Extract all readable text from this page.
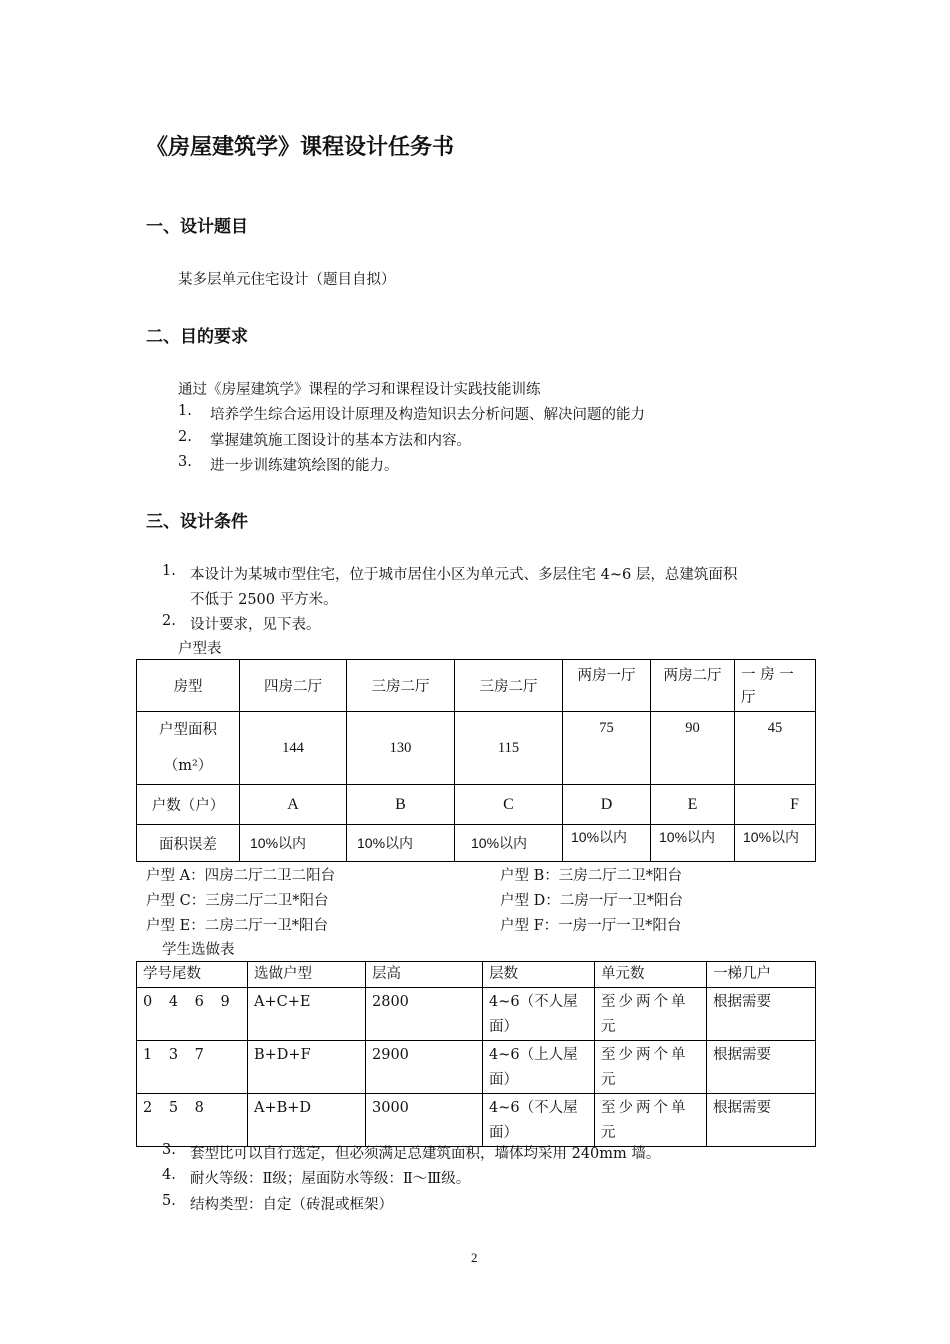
《房屋建筑学》课程设计任务书
一、设计题目
某多层单元住宅设计（题目自拟）
二、目的要求
通过《房屋建筑学》课程的学习和课程设计实践技能训练
1. 培养学生综合运用设计原理及构造知识去分析问题、解决问题的能力
2. 掌握建筑施工图设计的基本方法和内容。
3. 进一步训练建筑绘图的能力。
三、设计条件
1. 本设计为某城市型住宅，位于城市居住小区为单元式、多层住宅 4~6 层，总建筑面积
不低于 2500 平方米。
2. 设计要求，见下表。
户型表
房型	四房二厅	三房二厅	三房二厅	两房一厅	两房二厅	一 房 一
厅

户型面积
（m²）	144	130	115	75	90	45
户数（户）	A	B	C	D	E	F
面积误差	10%以内	10%以内	10%以内	10%以内	10%以内	10%以内
户型 A：四房二厅二卫二阳台	户型 B：三房二厅二卫*阳台
户型 C：三房二厅二卫*阳台	户型 D：二房一厅一卫*阳台
户型 E：二房二厅一卫*阳台	户型 F：一房一厅一卫*阳台
学生选做表
学号尾数	选做户型	层高	层数	单元数	一梯几户
0 4 6 9	A+C+E	2800	4~6（不人屋面）	至少两个单元	根据需要
1 3 7	B+D+F	2900	4~6（上人屋面）	至少两个单元	根据需要
2 5 8	A+B+D	3000	4~6（不人屋面）	至少两个单元	根据需要
3. 套型比可以自行选定，但必须满足总建筑面积，墙体均采用 240mm 墙。
4. 耐火等级：Ⅱ级；屋面防水等级：Ⅱ～Ⅲ级。
5. 结构类型：自定（砖混或框架）
2
